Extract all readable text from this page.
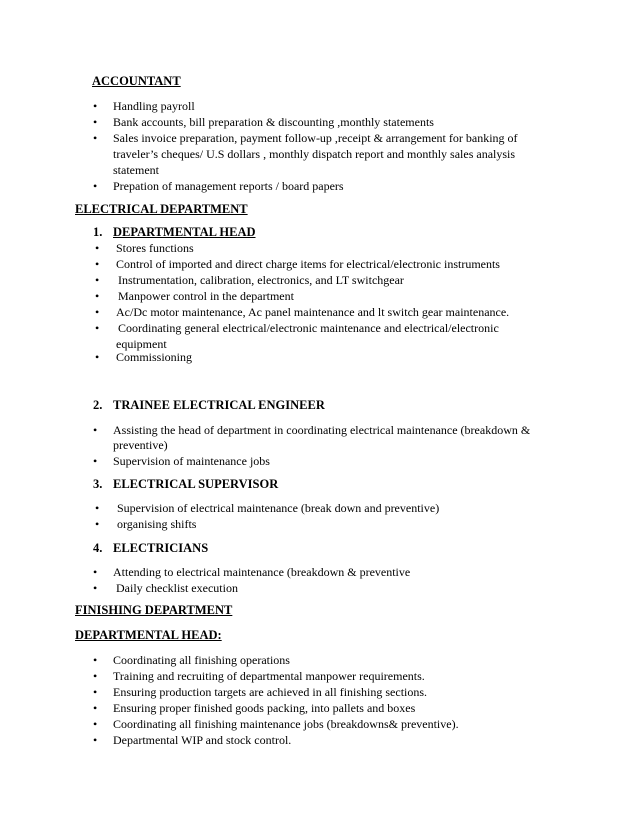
ACCOUNTANT
• Handling payroll
• Bank accounts, bill preparation & discounting ,monthly statements
• Sales invoice preparation, payment follow-up ,receipt & arrangement for banking of
traveler’s cheques/ U.S dollars , monthly dispatch report and monthly sales analysis
statement
• Prepation of management reports / board papers
ELECTRICAL DEPARTMENT
1. DEPARTMENTAL HEAD
• Stores functions
• Control of imported and direct charge items for electrical/electronic instruments
• Instrumentation, calibration, electronics, and LT switchgear
• Manpower control in the department
• Ac/Dc motor maintenance, Ac panel maintenance and lt switch gear maintenance.
• Coordinating general electrical/electronic maintenance and electrical/electronic
equipment
• Commissioning
2. TRAINEE ELECTRICAL ENGINEER
• Assisting the head of department in coordinating electrical maintenance (breakdown &
preventive)
• Supervision of maintenance jobs
3. ELECTRICAL SUPERVISOR
• Supervision of electrical maintenance (break down and preventive)
• organising shifts
4. ELECTRICIANS
• Attending to electrical maintenance (breakdown & preventive
• Daily checklist execution
FINISHING DEPARTMENT
DEPARTMENTAL HEAD:
• Coordinating all finishing operations
• Training and recruiting of departmental manpower requirements.
• Ensuring production targets are achieved in all finishing sections.
• Ensuring proper finished goods packing, into pallets and boxes
• Coordinating all finishing maintenance jobs (breakdowns& preventive).
• Departmental WIP and stock control.
